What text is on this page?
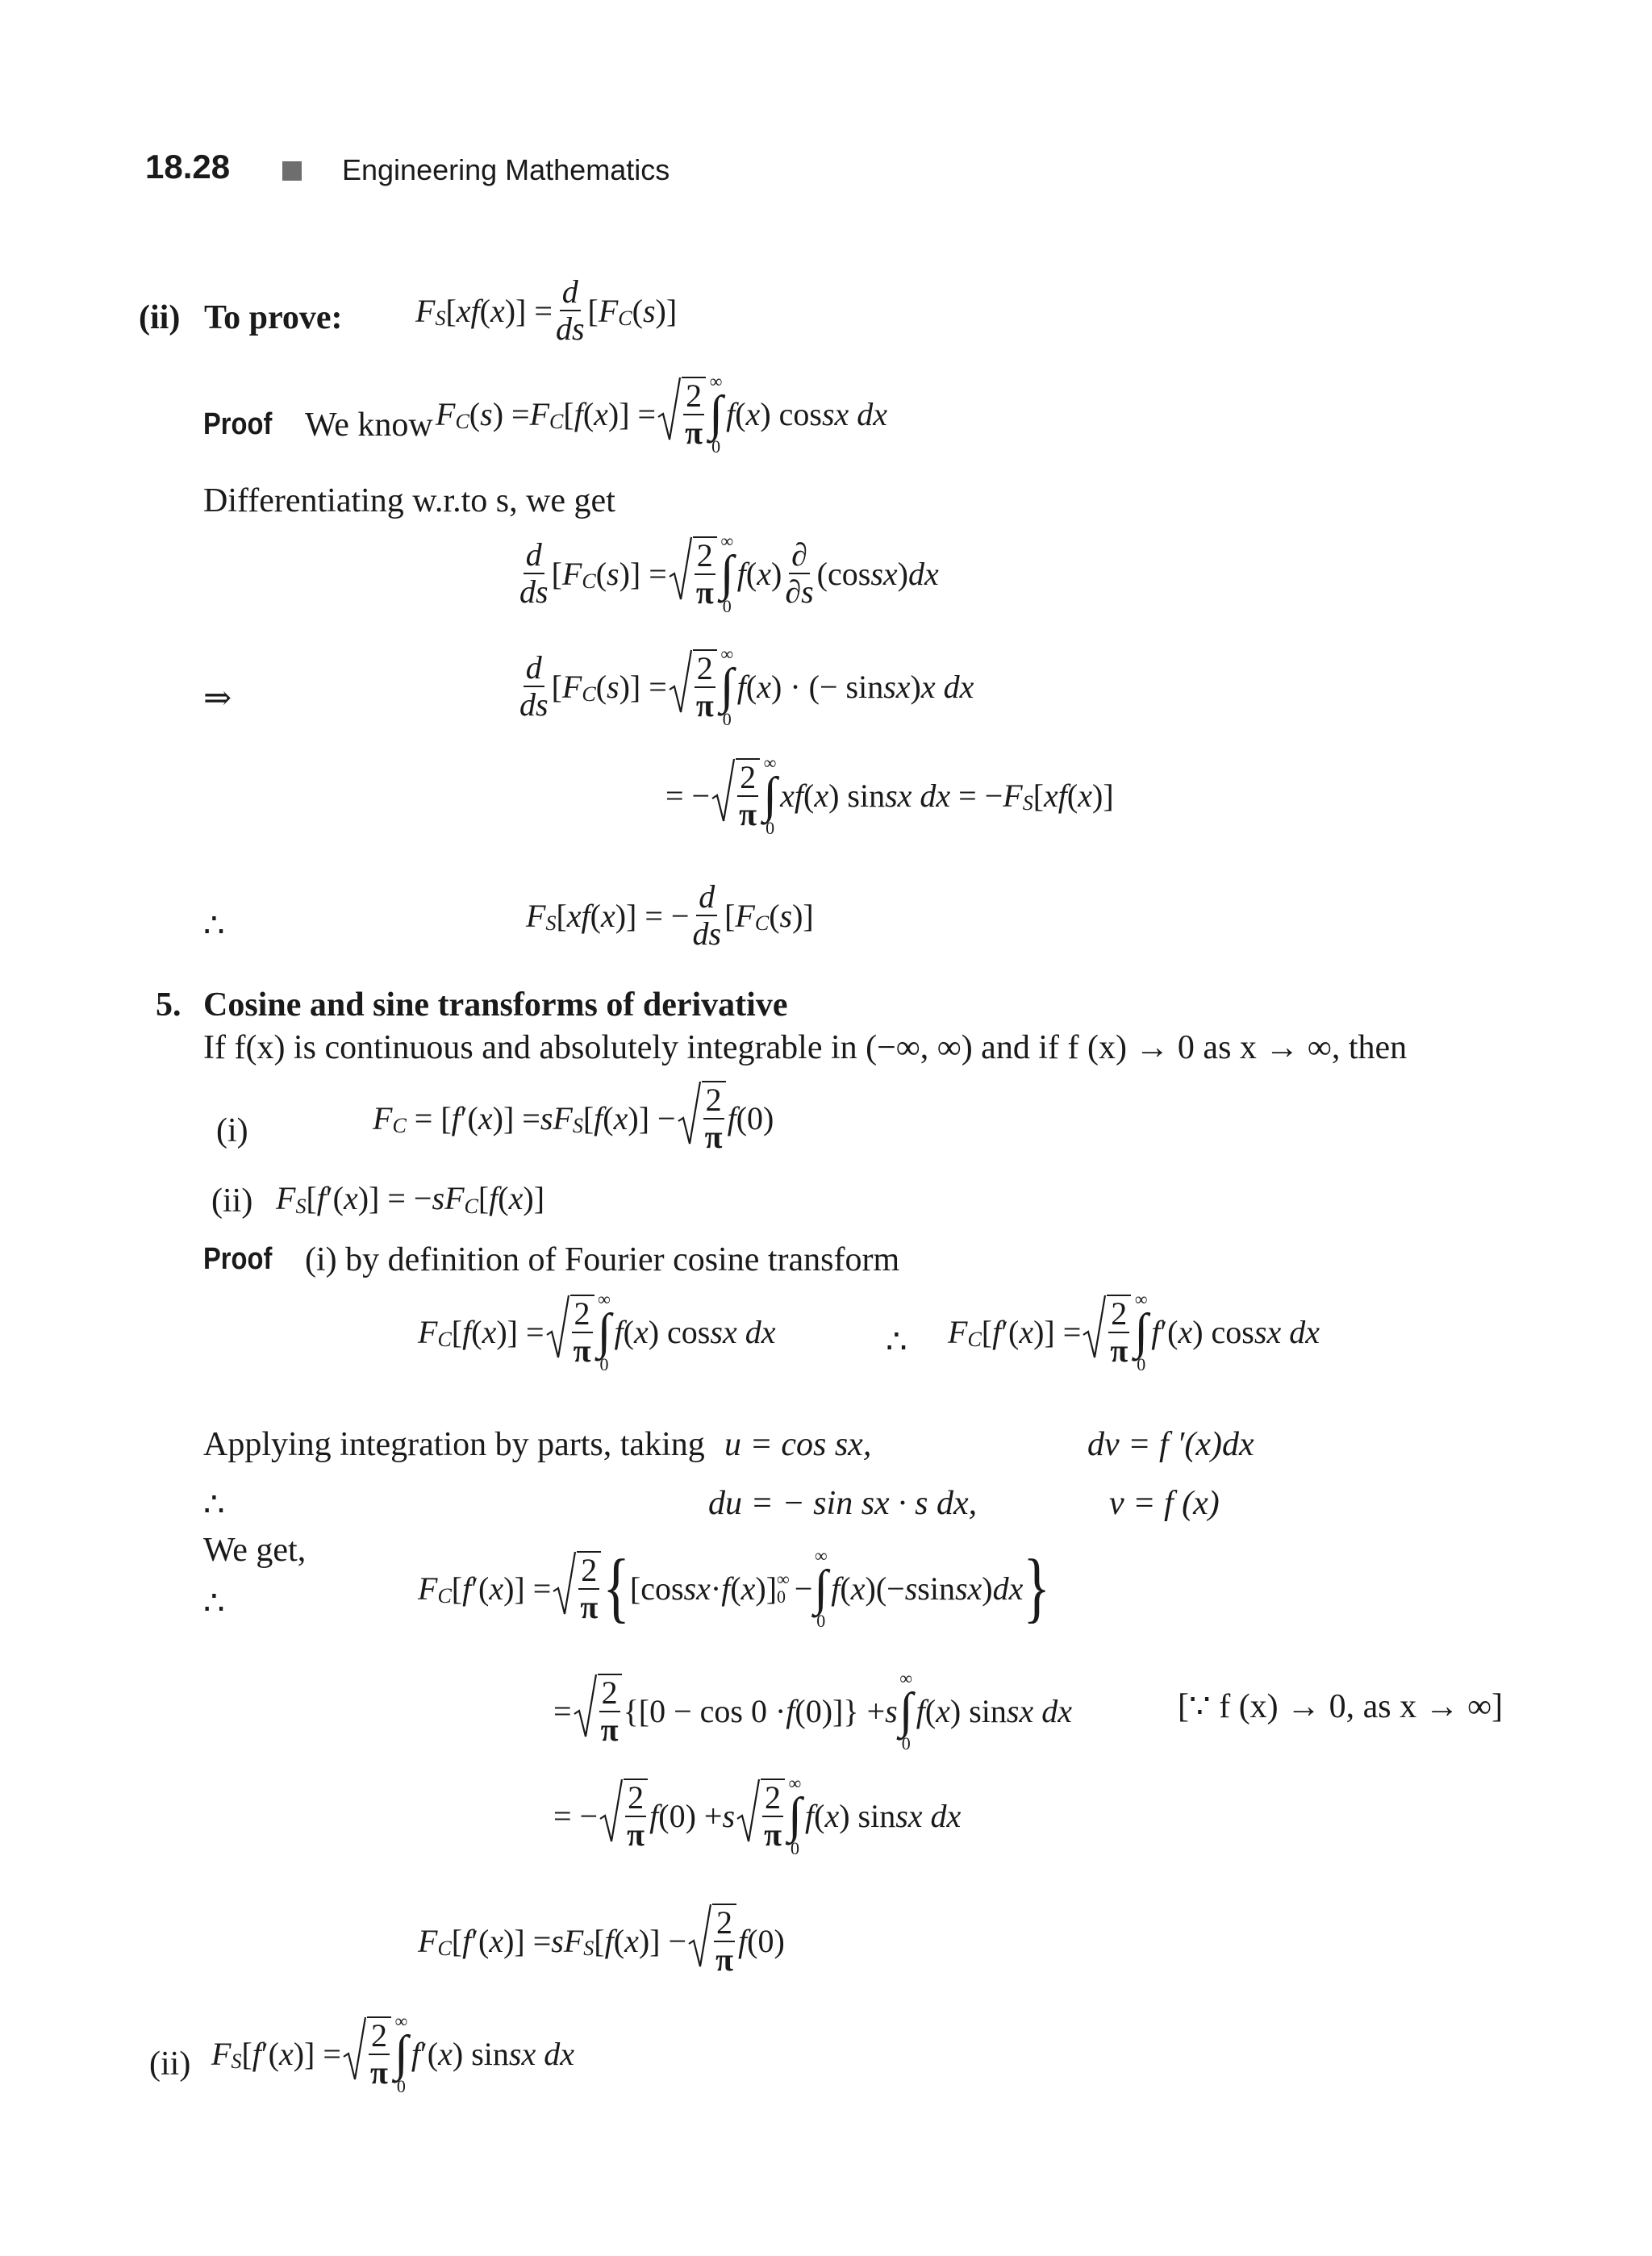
18.28	Engineering Mathematics
(ii) To prove: F S [ xf ( x )] = $\frac{d}{ds}$ [ F C ( s )]
Proof We know F C ( s ) = F C [ f ( x )] = $\frac{2}{\pi}$ ∞
∫
0
f ( x ) cos sx dx
Differentiating w.r.to s, we get
$\frac{d}{ds}$ [ F C ( s )] = $\frac{2}{\pi}$ ∞
∫
0
f ( x ) $\frac{\partial}{\partial s} (\cos$ sx ) dx
⇒	$\frac{d}{ds}$ [ F C ( s )] = $\frac{2}{\pi}$ ∞
∫
0
f ( x ) · (− sin sx ) x dx
= − $\frac{2}{\pi}$ ∞
∫
0
xf ( x ) sin sx dx = − F S [ xf ( x )]
∴	F S [ xf ( x )] = − $\frac{d}{ds}$ [ F C ( s )]
5. Cosine and sine transforms of derivative
If f(x) is continuous and absolutely integrable in (−∞, ∞) and if f (x) → 0 as x → ∞, then
(i)	F C = [ f ′( x )] = sF S [ f ( x )] − $\frac{2}{\pi}$ f (0)
(ii) F S [ f ′( x )] = − sF C [ f ( x )]
Proof (i) by definition of Fourier cosine transform
F C [ f ( x )] = $\frac{2}{\pi}$ ∞
∫
0
f ( x ) cos sx dx	∴ F C [ f ′( x )] = $\frac{2}{\pi}$ ∞
∫
0
f ′( x ) cos sx dx
Applying integration by parts, taking u = cos sx,	dv = f ′(x)dx
∴	du = − sin sx · s dx,	v = f (x)
We get,
∴	F C [ f ′( x )] = $\frac{2}{\pi}$ { [cos sx · f ( x )] ∞
0 −
∞
∫
0
f ( x )(− s sin sx ) dx }
= $\frac{2}{\pi} \{[0 - \cos 0 \cdot f$ (0)]} + s
∞
∫
0
f ( x ) sin sx dx	[∵ f (x) → 0, as x → ∞]
= − $\frac{2}{\pi}$ f (0) + s $\frac{2}{\pi}$ ∞
∫
0
f ( x ) sin sx dx
F C [ f ′( x )] = sF S [ f ( x )] − $\frac{2}{\pi}$ f (0)
(ii) F S [ f ′( x )] = $\frac{2}{\pi}$ ∞
∫
0
f ′( x ) sin sx dx
